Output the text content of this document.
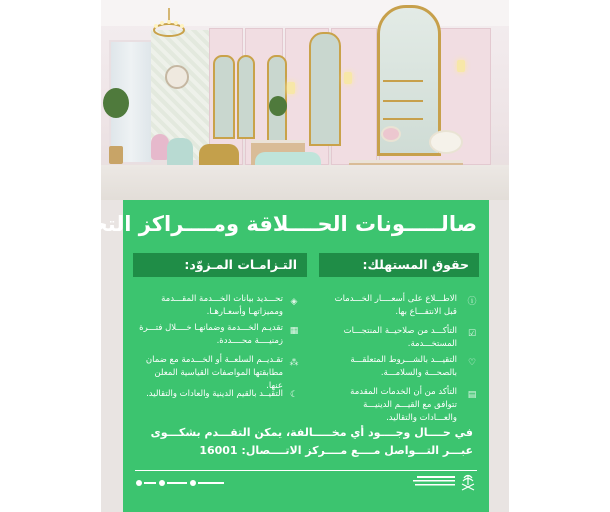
صالـــــونات الحــــلاقة ومــــراكز التجميل
حقوق المستهلك:
ⓘ
الاطـــلاع على أسعــــار الخـــدمات قبل الانتفـــاع بها.
☑
التأكـــد من صلاحيــة المنتجـــات المستخـــدمة.
♡
التقيـــد بالشـــروط المتعلقـــة بالصحـــة والسلامـــة.
▤
التأكد من أن الخدمات المقدمة تتوافق مع القيـــم الدينيـــة والعـــادات والتقاليد.
التـزامـات المـزوّد:
◈
تحـــديد بيانات الخـــدمة المقـــدمة ومميزاتهـا وأسعـارهـا.
▦
تقديـم الخـــدمة وضمانهـا خــــلال فتـــرة زمنيــــة محــــددة.
⁂
تقـديــم السلعــة أو الخـــدمة مع ضمان مطابقتها المواصفات القياسية المعلن عنها.
☾
التقيــد بالقيم الدينية والعادات والتقاليد.
في حــــال وجــــود أي مخـــــالفة، يمكن التقـــدم بشكـــوى عبـــر التـــواصل مــــع مــــركز الاتــــصال: 16001
